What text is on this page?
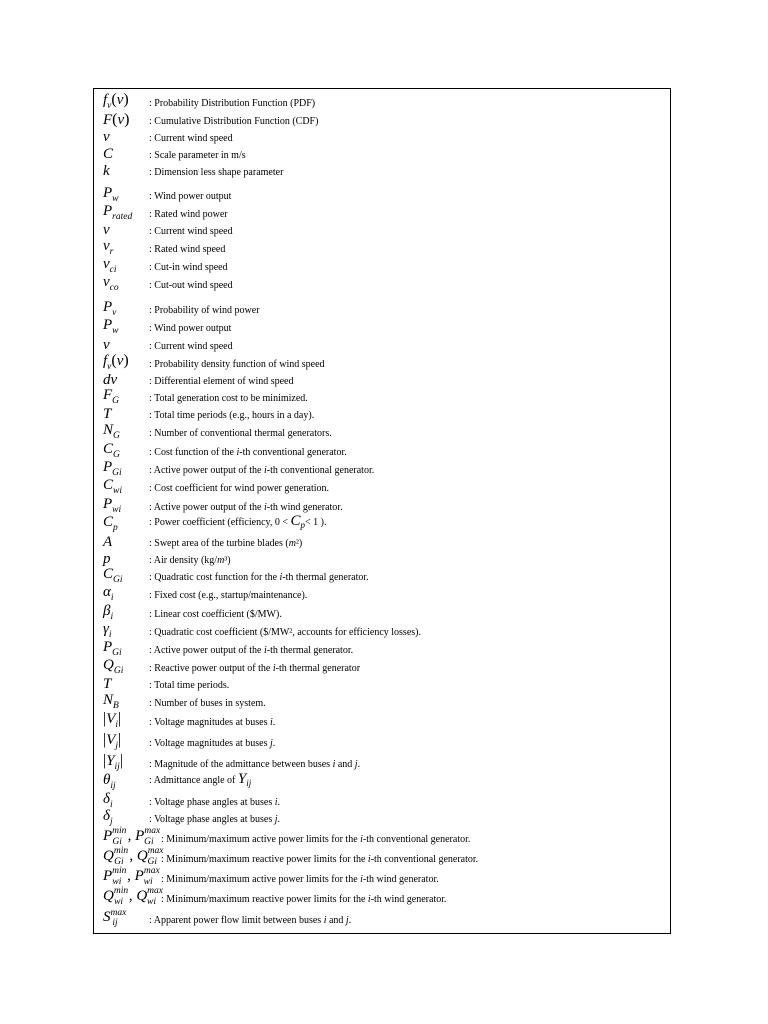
$f_v(v)$ : Probability Distribution Function (PDF)
F(v) : Cumulative Distribution Function (CDF)
v	: Current wind speed
C	: Scale parameter in m/s
k	: Dimension less shape parameter
$P_w$	: Wind power output
$P_{rated}$ : Rated wind power
v	: Current wind speed
$v_r$	: Rated wind speed
$v_{ci}$	: Cut-in wind speed
$v_{co}$	: Cut-out wind speed
$P_v$	: Probability of wind power
$P_w$	: Wind power output
v	: Current wind speed
$f_v(v)$ : Probability density function of wind speed
dv	: Differential element of wind speed
$F_G$	: Total generation cost to be minimized.
T	: Total time periods (e.g., hours in a day).
$N_G$	: Number of conventional thermal generators.
$C_G$	: Cost function of the i-th conventional generator.
$P_{Gi}$	: Active power output of the i-th conventional generator.
$C_{wi}$	: Cost coefficient for wind power generation.
$P_{wi}$	: Active power output of the i-th wind generator.
$C_p$	: Power coefficient (efficiency, $0 < C_p< 1$ ).
A	: Swept area of the turbine blades (m²)
p	: Air density (kg/m³)
$C_{Gi}$	: Quadratic cost function for the i-th thermal generator.
$\alpha_i$	: Fixed cost (e.g., startup/maintenance).
$\beta_i$	: Linear cost coefficient ($/MW).
$\gamma_i$	: Quadratic cost coefficient ($/MW², accounts for efficiency losses).
$P_{Gi}$	: Active power output of the i-th thermal generator.
$Q_{Gi}$	: Reactive power output of the i-th thermal generator
T	: Total time periods.
$N_B$	: Number of buses in system.
$|V_i|$	: Voltage magnitudes at buses i.
$|V_j|$	: Voltage magnitudes at buses j.
$|Y_{ij}|$	: Magnitude of the admittance between buses i and j.
$\theta_{ij}$	: Admittance angle of $Y_{ij}$
$\delta_i$	: Voltage phase angles at buses i.
$\delta_j$	: Voltage phase angles at buses j.
$P^{min}_{Gi}$ , $P^{max}_{Gi}$ : Minimum/maximum active power limits for the i-th conventional generator.
$Q^{min}_{Gi}$ , $Q^{max}_{Gi}$ : Minimum/maximum reactive power limits for the i-th conventional generator.
$P^{min}_{wi}$ , $P^{max}_{wi}$ : Minimum/maximum active power limits for the i-th wind generator.
$Q^{min}_{wi}$ , $Q^{max}_{wi}$ : Minimum/maximum reactive power limits for the i-th wind generator.
$S^{max}_{ij}$	: Apparent power flow limit between buses i and j.
